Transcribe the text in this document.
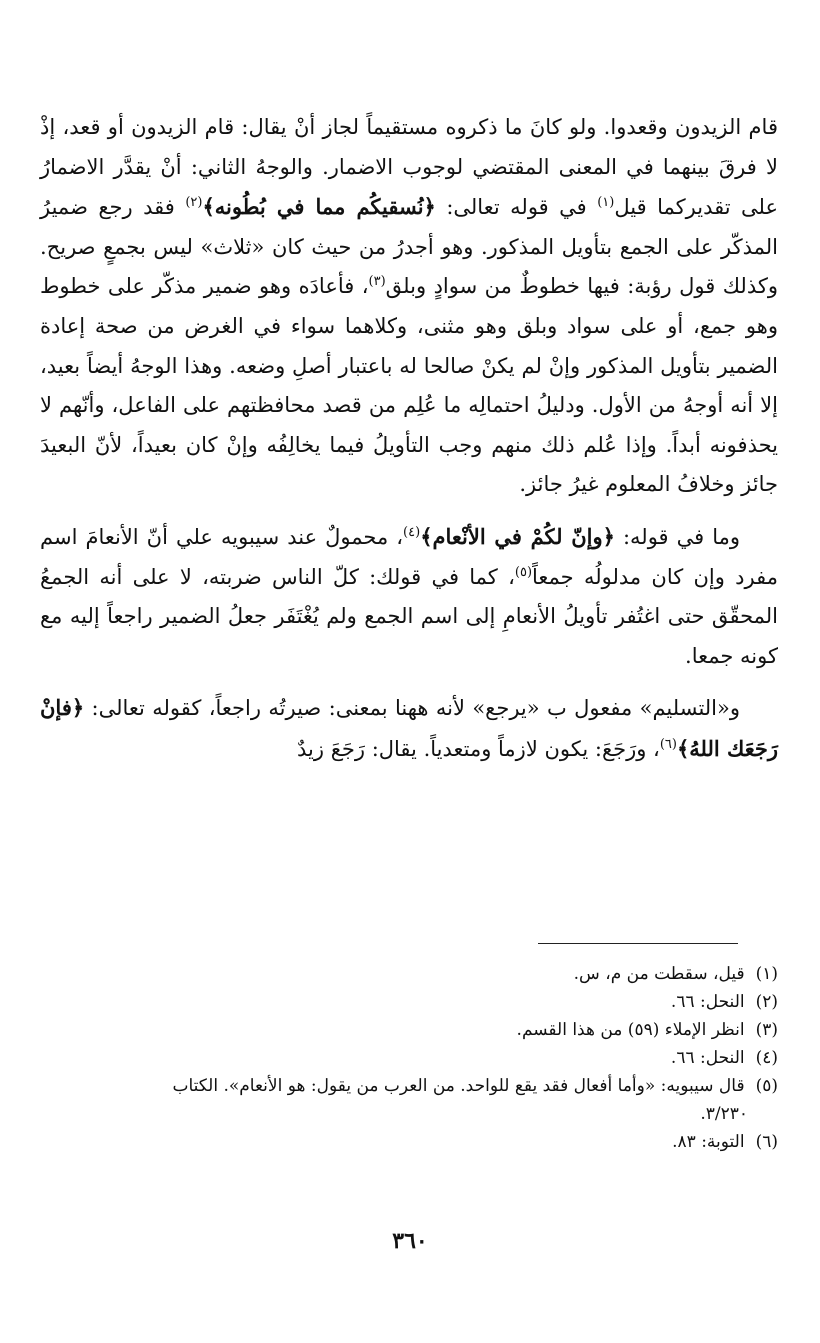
قام الزيدون وقعدوا. ولو كانَ ما ذكروه مستقيماً لجاز أنْ يقال: قام الزيدون أو قعد، إذْ لا فرقَ بينهما في المعنى المقتضي لوجوب الاضمار. والوجهُ الثاني: أنْ يقدَّر الاضمارُ على تقديركما قيل$^{(١)}$ في قوله تعالى: ﴿نُسقيكُم مما في بُطُونه﴾$^{(٢)}$ فقد رجع ضميرُ المذكّر على الجمع بتأويل المذكور. وهو أجدرُ من حيث كان «ثلاث» ليس بجمعٍ صريح. وكذلك قول رؤبة: فيها خطوطٌ من سوادٍ وبلق$^{(٣)}$، فأعادَه وهو ضمير مذكّر على خطوط وهو جمع، أو على سواد وبلق وهو مثنى، وكلاهما سواء في الغرض من صحة إعادة الضمير بتأويل المذكور وإنْ لم يكنْ صالحا له باعتبار أصلِ وضعه. وهذا الوجهُ أيضاً بعيد، إلا أنه أوجهُ من الأول. ودليلُ احتمالِه ما عُلِم من قصد محافظتهم على الفاعل، وأنّهم لا يحذفونه أبداً. وإذا عُلم ذلك منهم وجب التأويلُ فيما يخالِفُه وإنْ كان بعيداً، لأنّ البعيدَ جائز وخلافُ المعلوم غيرُ جائز.

وما في قوله: ﴿وإنّ لكُمْ في الأنْعام﴾$^{(٤)}$، محمولٌ عند سيبويه علي أنّ الأنعامَ اسم مفرد وإن كان مدلولُه جمعاً$^{(٥)}$، كما في قولك: كلّ الناس ضربته، لا على أنه الجمعُ المحقّق حتى اغتُفر تأويلُ الأنعامِ إلى اسم الجمع ولم يُغْتَفَر جعلُ الضمير راجعاً إليه مع كونه جمعا.

و«التسليم» مفعول ب «يرجع» لأنه ههنا بمعنى: صيرتُه راجعاً، كقوله تعالى: ﴿فإنْ رَجَعَك اللهُ﴾$^{(٦)}$، ورَجَعَ: يكون لازماً ومتعدياً. يقال: رَجَعَ زيدٌ

(١) قيل، سقطت من م، س.
(٢) النحل: ٦٦.
(٣) انظر الإملاء (٥٩) من هذا القسم.
(٤) النحل: ٦٦.
(٥) قال سيبويه: «وأما أفعال فقد يقع للواحد. من العرب من يقول: هو الأنعام». الكتاب
٣/٢٣٠.
(٦) التوبة: ٨٣.
٣٦٠
